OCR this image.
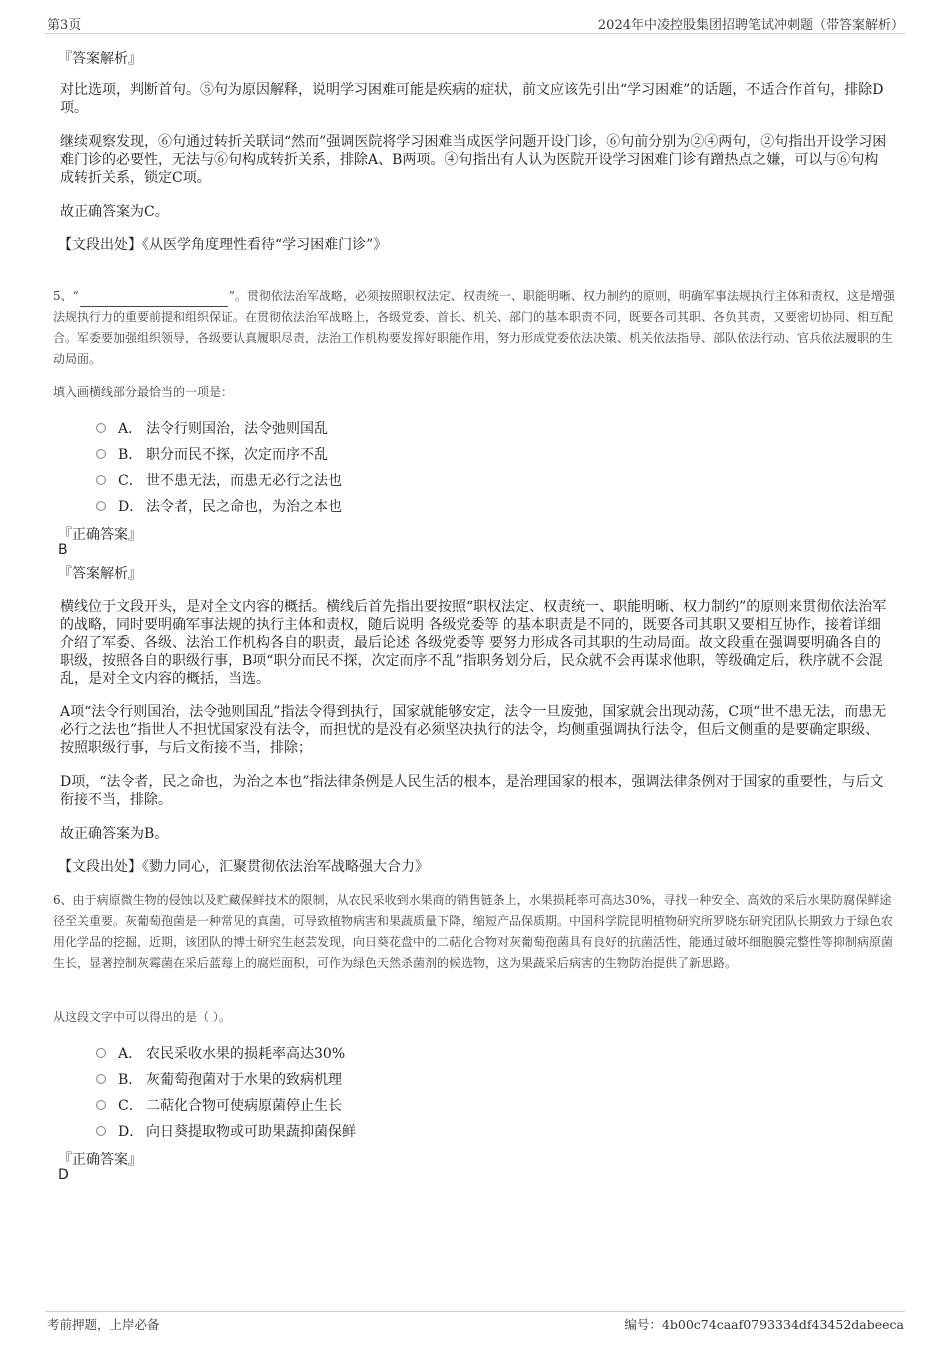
第3页	2024年中凌控股集团招聘笔试冲刺题（带答案解析）
『答案解析』
对比选项，判断首句。⑤句为原因解释，说明学习困难可能是疾病的症状，前文应该先引出“学习困难”的话题，不适合作首句，排除D项。
继续观察发现，⑥句通过转折关联词“然而”强调医院将学习困难当成医学问题开设门诊，⑥句前分别为②④两句，②句指出开设学习困难门诊的必要性，无法与⑥句构成转折关系，排除A、B两项。④句指出有人认为医院开设学习困难门诊有蹭热点之嫌，可以与⑥句构成转折关系，锁定C项。
故正确答案为C。
【文段出处】《从医学角度理性看待“学习困难门诊”》
5、“	”。贯彻依法治军战略，必须按照职权法定、权责统一、职能明晰、权力制约的原则，明确军事法规执行主体和责权，这是增强法规执行力的重要前提和组织保证。在贯彻依法治军战略上，各级党委、首长、机关、部门的基本职责不同，既要各司其职、各负其责，又要密切协同、相互配合。军委要加强组织领导，各级要认真履职尽责，法治工作机构要发挥好职能作用，努力形成党委依法决策、机关依法指导、部队依法行动、官兵依法履职的生动局面。
填入画横线部分最恰当的一项是：
A． 法令行则国治，法令弛则国乱
B． 职分而民不探，次定而序不乱
C． 世不患无法，而患无必行之法也
D． 法令者，民之命也，为治之本也
『正确答案』
B
『答案解析』
横线位于文段开头，是对全文内容的概括。横线后首先指出要按照“职权法定、权责统一、职能明晰、权力制约”的原则来贯彻依法治军的战略，同时要明确军事法规的执行主体和责权，随后说明 各级党委等 的基本职责是不同的，既要各司其职又要相互协作，接着详细介绍了军委、各级、法治工作机构各自的职责，最后论述 各级党委等 要努力形成各司其职的生动局面。故文段重在强调要明确各自的职级，按照各自的职级行事，B项“职分而民不探，次定而序不乱”指职务划分后，民众就不会再谋求他职，等级确定后，秩序就不会混乱，是对全文内容的概括，当选。
A项“法令行则国治，法令弛则国乱”指法令得到执行，国家就能够安定，法令一旦废弛，国家就会出现动荡，C项“世不患无法，而患无必行之法也”指世人不担忧国家没有法令，而担忧的是没有必须坚决执行的法令，均侧重强调执行法令，但后文侧重的是要确定职级、按照职级行事，与后文衔接不当，排除；
D项，“法令者，民之命也，为治之本也”指法律条例是人民生活的根本，是治理国家的根本，强调法律条例对于国家的重要性，与后文衔接不当，排除。
故正确答案为B。
【文段出处】《勠力同心，汇聚贯彻依法治军战略强大合力》
6、由于病原微生物的侵蚀以及贮藏保鲜技术的限制，从农民采收到水果商的销售链条上，水果损耗率可高达30%，寻找一种安全、高效的采后水果防腐保鲜途径至关重要。灰葡萄孢菌是一种常见的真菌，可导致植物病害和果蔬质量下降，缩短产品保质期。中国科学院昆明植物研究所罗晓东研究团队长期致力于绿色农用化学品的挖掘，近期，该团队的博士研究生赵芸发现，向日葵花盘中的二萜化合物对灰葡萄孢菌具有良好的抗菌活性，能通过破坏细胞膜完整性等抑制病原菌生长，显著控制灰霉菌在采后蓝莓上的腐烂面积，可作为绿色天然杀菌剂的候选物，这为果蔬采后病害的生物防治提供了新思路。
从这段文字中可以得出的是（ ）。
A． 农民采收水果的损耗率高达30%
B． 灰葡萄孢菌对于水果的致病机理
C． 二萜化合物可使病原菌停止生长
D． 向日葵提取物或可助果蔬抑菌保鲜
『正确答案』
D
考前押题，上岸必备	编号：4b00c74caaf0793334df43452dabeeca
